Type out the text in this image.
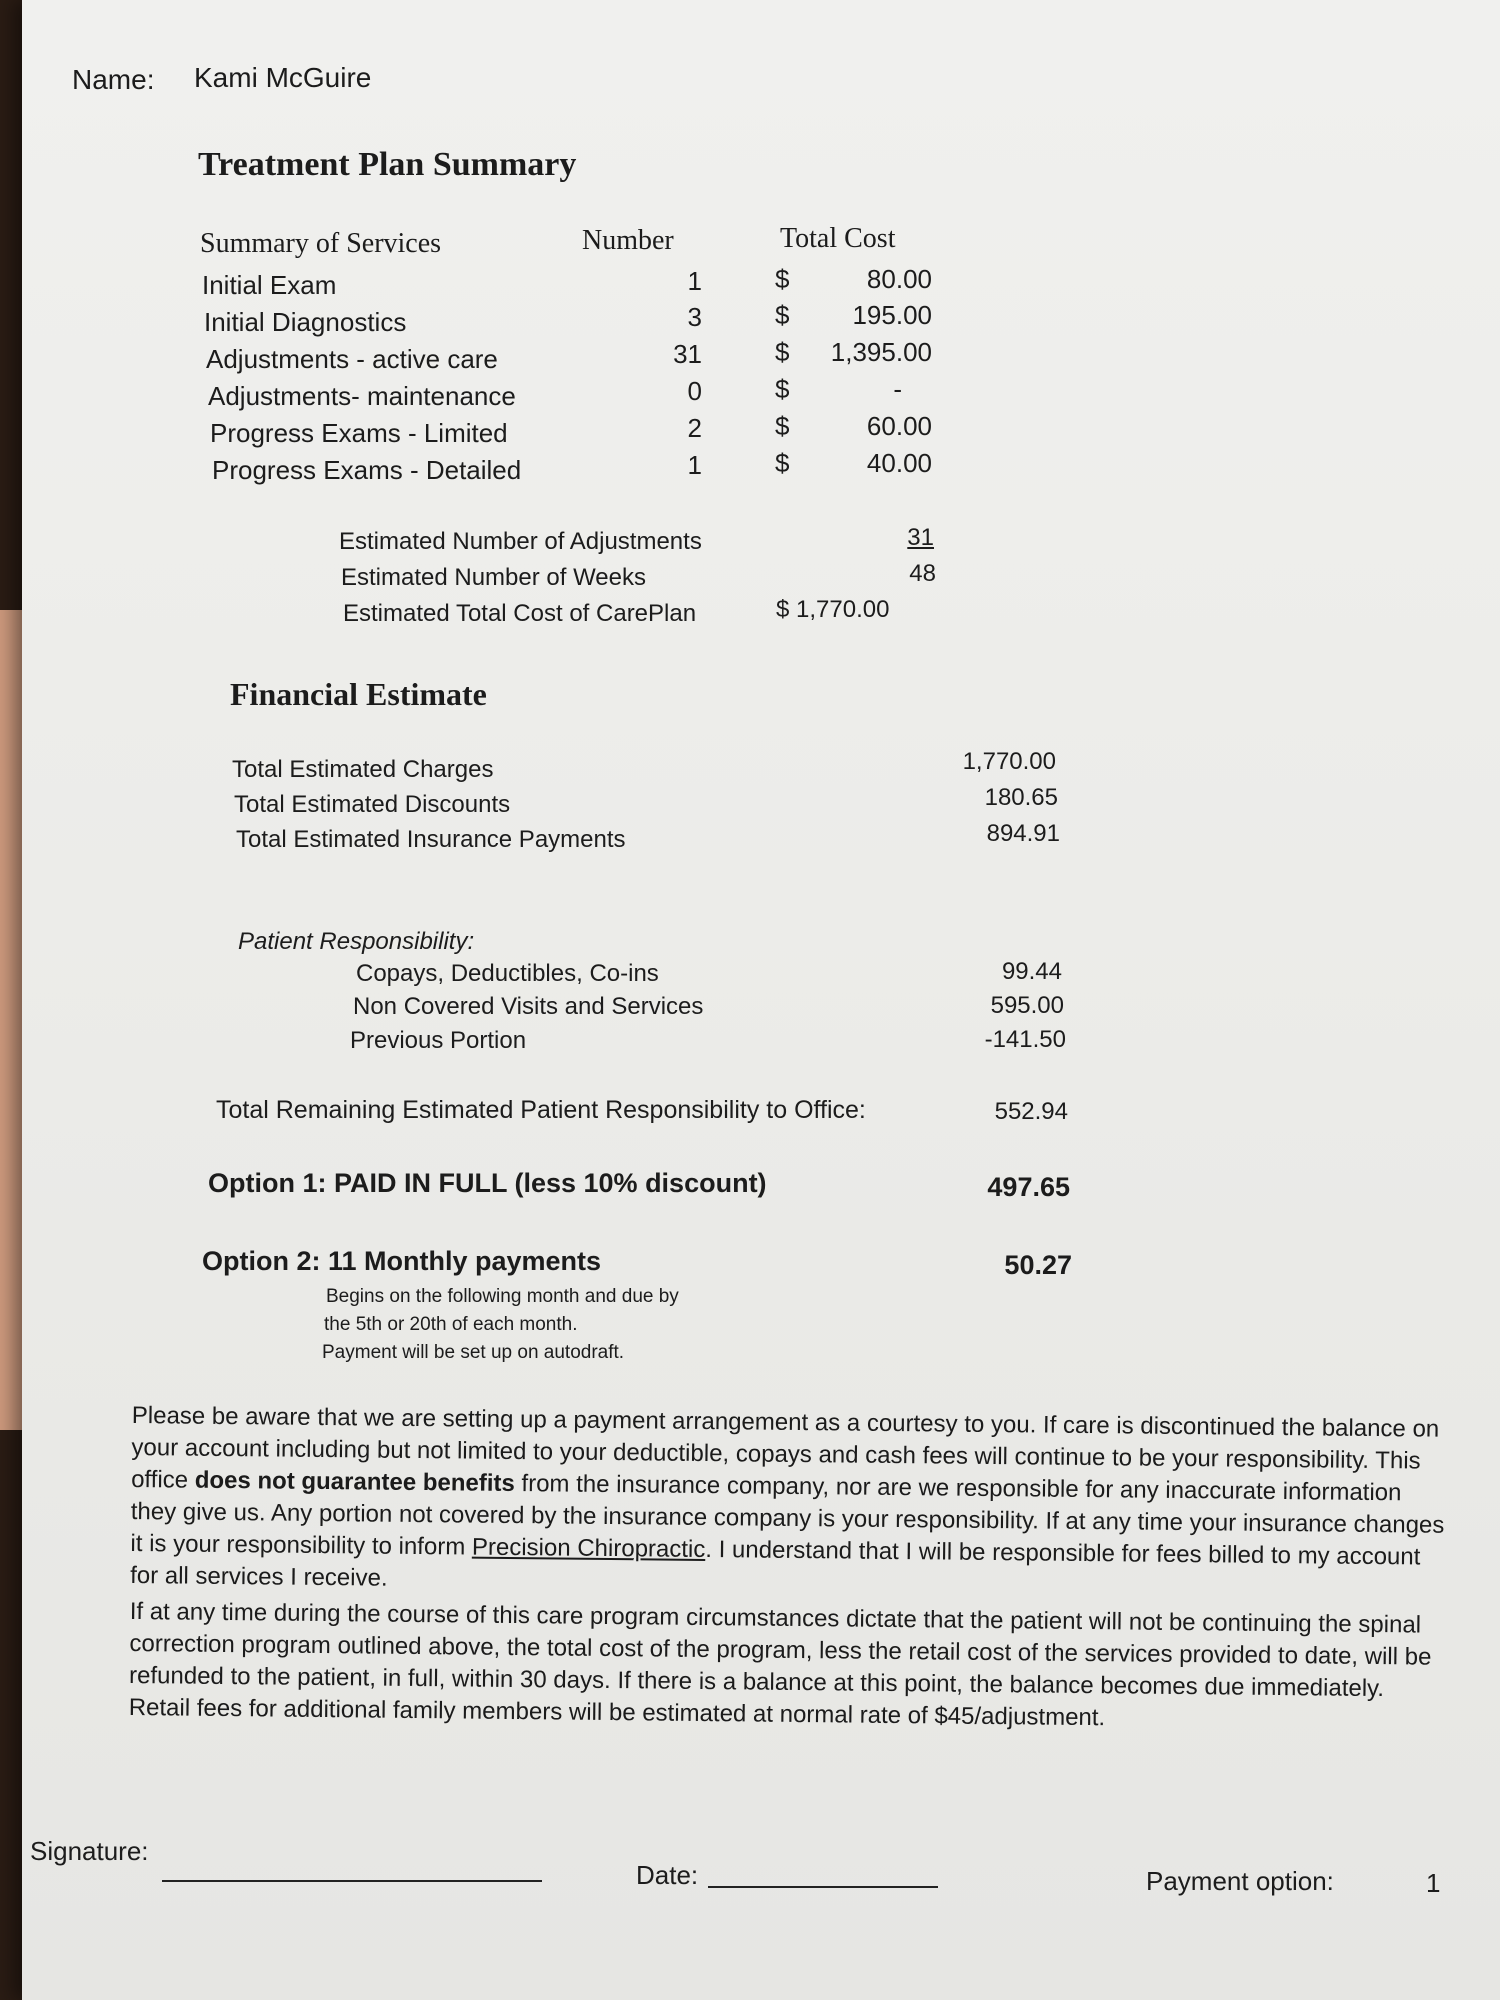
Name: Kami McGuire
Treatment Plan Summary
Summary of Services	Number	Total Cost
Initial Exam	1	$	80.00
Initial Diagnostics	3	$	195.00
Adjustments - active care	31	$	1,395.00
Adjustments- maintenance	0	$	-
Progress Exams - Limited	2	$	60.00
Progress Exams - Detailed	1	$	40.00
Estimated Number of Adjustments	31
Estimated Number of Weeks	48
Estimated Total Cost of CarePlan	$ 1,770.00
Financial Estimate
Total Estimated Charges	1,770.00
Total Estimated Discounts	180.65
Total Estimated Insurance Payments	894.91
Patient Responsibility:
Copays, Deductibles, Co-ins	99.44
Non Covered Visits and Services	595.00
Previous Portion	-141.50
Total Remaining Estimated Patient Responsibility to Office:	552.94
Option 1: PAID IN FULL (less 10% discount)	497.65
Option 2: 11 Monthly payments	50.27
Begins on the following month and due by
the 5th or 20th of each month.
Payment will be set up on autodraft.

Please be aware that we are setting up a payment arrangement as a courtesy to you. If care is discontinued the balance on your account including but not limited to your deductible, copays and cash fees will continue to be your responsibility. This office does not guarantee benefits from the insurance company, nor are we responsible for any inaccurate information they give us. Any portion not covered by the insurance company is your responsibility. If at any time your insurance changes it is your responsibility to inform Precision Chiropractic. I understand that I will be responsible for fees billed to my account for all services I receive.

If at any time during the course of this care program circumstances dictate that the patient will not be continuing the spinal correction program outlined above, the total cost of the program, less the retail cost of the services provided to date, will be refunded to the patient, in full, within 30 days. If there is a balance at this point, the balance becomes due immediately. Retail fees for additional family members will be estimated at normal rate of $45/adjustment.

Signature:
Date:	Payment option:	1
